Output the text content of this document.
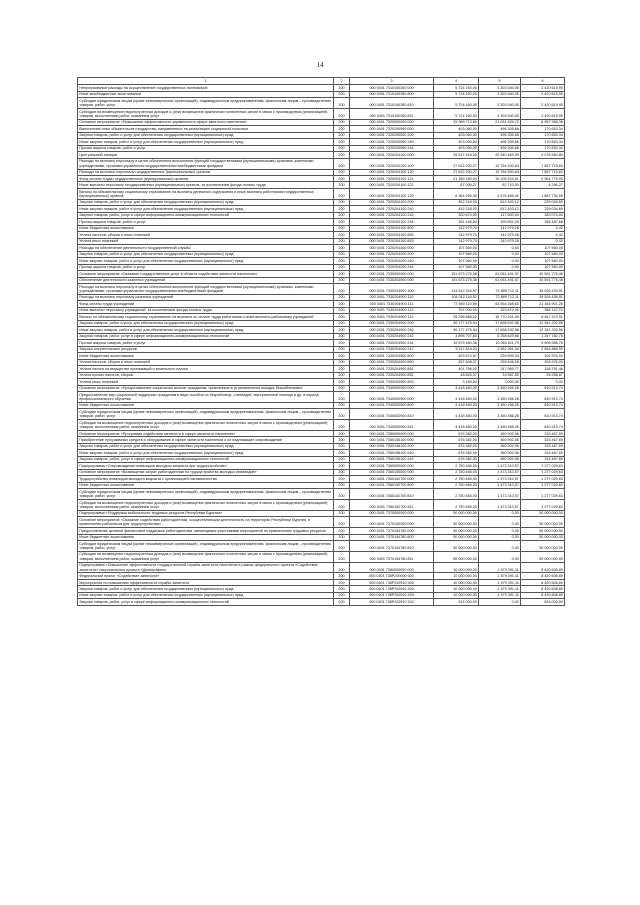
14
1	2	3	4	5	6
Непрограммные расходы на осуществление государственных полномочий	200	000 0401 7310100280 000	5 724 160,00	3 303 540,05	2 420 619,95
Иные межбюджетные ассигнования	200	000 0401 7310100280 800	5 724 160,00	3 303 540,05	2 420 619,95
Субсидии юридическим лицам (кроме некоммерческих организаций), индивидуальным предпринимателям, физическим лицам – производителям товаров, работ, услуг	200	000 0401 7310100280 810	5 724 160,00	3 303 540,05	2 420 619,95
Субсидии на возмещение недополученных доходов и (или) возмещение фактически понесенных затрат в связи с производством (реализацией) товаров, выполнением работ, оказанием услуг	200	000 0401 7310100280 811	5 724 160,00	3 303 540,05	2 420 619,95
Основное мероприятие «Повышение эффективности управления в сфере занятости населения»	200	000 0401 7320000000 000	29 989 713,80	21 031 629,72	8 957 958,38
Выполнение иных обязательств государства, направленных на реализацию социальной политики	200	000 0401 7320200590 000	403 060,00	496 305,66	170 653,34
Закупка товаров, работ и услуг для обеспечения государственных (муниципальных) нужд	200	000 0401 7320200590 200	403 060,00	496 305,66	170 653,34
Иные закупки товаров, работ и услуг для обеспечения государственных (муниципальных) нужд	200	000 0401 7320200590 240	403 060,00	496 305,66	170 653,34
Прочая закупка товаров, работ и услуг	200	000 0401 7320200590 244	403 060,00	496 305,66	170 653,34
Центральный аппарат	200	000 0401 7320204100 000	29 517 418,00	20 340 463,99	9 076 954,84
Расходы на выплаты персоналу в целях обеспечения выполнения функций государственными (муниципальными) органами, казенными учреждениями, органами управления государственными внебюджетными фондами	200	000 0401 7320204100 100	27 622 200,27	19 764 500,64	7 857 719,63
Расходы на выплаты персоналу государственных (муниципальных) органов	200	000 0401 7320204100 120	27 622 200,27	19 764 500,64	7 857 719,63
Фонд оплаты труда государственных (муниципальных) органов	200	000 0401 7320204100 121	21 169 183,00	15 205 324,91	5 964 775,93
Иные выплаты персоналу государственных (муниципальных) органов, за исключением фонда оплаты труда	200	000 0401 7320204100 122	87 006,27	82 710,00	4 296,27
Взносы по обязательному социальному страхованию на выплаты денежного содержания и иные выплаты работникам государственных (муниципальных) органов	200	000 0401 7320204100 129	6 364 265,40	4 476 465,41	1 887 734,59
Закупка товаров, работ и услуг для обеспечения государственных (муниципальных) нужд	200	000 0401 7320204100 200	452 218,03	612 403,12	239 034,60
Иные закупки товаров, работ и услуг для обеспечения государственных (муниципальных) нужд	200	000 0401 7320204100 240	452 218,03	612 403,12	239 034,60
Закупка товаров, работ, услуг в сфере информационно-коммуникационных технологий	200	000 0401 7320204100 242	300 674,00	117 600,00	183 074,00
Прочая закупка товаров, работ и услуг	200	000 0401 7320204100 244	351 445,00	195 802,25	155 487,68
Иные бюджетные ассигнования	200	000 0401 7320204100 800	142 979,70	142 979,28	0,42
Уплата налогов, сборов и иных платежей	200	000 0401 7320204100 850	142 979,70	142 979,28	0,42
Уплата иных платежей	200	000 0401 7320204100 853	142 979,70	142 979,28	0,42
Расходы на обеспечение деятельности государственной службы	200	000 0401 7320204200 000	107 560,00	0,00	107 560,00
Закупка товаров, работ и услуг для обеспечения государственных (муниципальных) нужд	200	000 0401 7320204200 200	107 560,00	0,00	107 560,00
Иные закупки товаров, работ и услуг для обеспечения государственных (муниципальных) нужд	200	000 0401 7320204200 240	107 560,00	0,00	107 560,00
Прочая закупка товаров, работ и услуг	200	000 0401 7320204200 244	107 560,00	0,00	107 560,00
Основное мероприятие «Оказание государственных услуг в области содействия занятости населения»	200	000 0401 7330000000 000	151 673 275,38	61 051 491,57	40 591 776,46
Обеспечение деятельности казенных учреждений	200	000 0401 7330204900 000	151 673 275,38	61 051 491,57	40 591 776,46
Расходы на выплаты персоналу в целях обеспечения выполнения функций государственными (муниципальными) органами, казенными учреждениями, органами управления государственными внебюджетными фондами	200	000 0401 7330204900 100	124 512 316,97	72 889 712,11	38 026 439,91
Расходы на выплаты персоналу казенных учреждений	200	000 0401 7330204900 110	104 012 116,52	72 889 712,11	28 526 436,91
Фонд оплаты труда учреждений	200	000 0401 7330204900 111	77 850 110,69	63 554 268,63	21 164 901,28
Иные выплаты персоналу учреждений, за исключением фонда оплаты труда	200	000 0401 7330204900 112	707 000,00	323 872,26	384 127,70
Взносы по обязательному социальному страхованию на выплаты по оплате труда работников и иные выплаты работникам учреждений	200	000 0401 7330204900 119	25 296 888,32	16 770 431,05	6 467 372,91
Закупка товаров, работ и услуг для обеспечения государственных (муниципальных) нужд	200	000 0401 7330204900 200	30 177 475,94	17 698 532,98	12 341 202,56
Иные закупки товаров, работ и услуг для обеспечения государственных (муниципальных) нужд	200	000 0401 7330204900 240	30 177 475,94	17 698 532,98	12 341 202,56
Закупка товаров, работ, услуг в сфере информационно-коммуникационных технологий	200	000 0401 7330204900 242	4 896 707,80	5 258 829,66	1 247 782,76
Прочая закупка товаров, работ и услуг	200	000 0401 7330204900 244	19 579 460,36	10 064 511,70	9 506 958,76
Закупка энергетических ресурсов	200	000 0401 7330204900 247	5 117 818,33	2 552 951,34	2 564 866,99
Иные бюджетные ассигнования	200	000 0401 7330204900 800	403 674,67	239 699,34	204 976,03
Уплата налогов, сборов и иных платежей	200	000 0401 7330204900 850	457 608,37	259 408,18	204 976,03
Уплата налога на имущество организаций и земельного налога	200	000 0401 7330204900 851	401 756,00	247 969,77	158 751,46
Уплата прочих налогов, сборов	200	000 0401 7330204900 852	48 825,37	33 567,50	25 258,87
Уплата иных платежей	200	000 0401 7330204900 853	3 169,00	3 000,00	0,00
Основное мероприятие «Предоставление социальных выплат гражданам, признанным в установленном порядке безработными»	200	000 0401 7340000000 000	4 418 460,00	3 450 456,26	810 913,74
Предоставление мер социальной поддержки гражданам в виде пособия по безработице, стипендий, материальной помощи и др. в период профессионального обучения	200	000 0401 7340052900 000	4 418 460,00	3 450 456,26	810 913,74
Иные бюджетные ассигнования	200	000 0401 7340052900 800	4 418 460,00	3 450 456,26	810 913,74
Субсидии юридическим лицам (кроме некоммерческих организаций), индивидуальным предпринимателям, физическим лицам – производителям товаров, работ, услуг	200	000 0401 7340052900 810	4 418 460,00	3 450 456,26	810 913,74
Субсидии на возмещение недополученных доходов и (или) возмещение фактически понесенных затрат в связи с производством (реализацией) товаров, выполнением работ, оказанием услуг	200	000 0401 7340052900 811	4 418 460,00	3 450 456,26	810 913,74
Основное мероприятие «Программа содействия занятости в сфере занятости населения»	200	000 0401 7350000000 000	676 382,00	360 902,06	315 467,69
Приобретение программных средств и оборудования в сфере занятости населения и их надлежащее сопровождение	200	000 0401 7350156100 000	676 382,00	360 902,06	315 467,69
Закупка товаров, работ и услуг для обеспечения государственных (муниципальных) нужд	200	000 0401 7350156100 200	676 382,00	360 902,06	315 467,69
Иные закупки товаров, работ и услуг для обеспечения государственных (муниципальных) нужд	200	000 0401 7350156100 240	676 382,00	360 902,06	315 467,69
Закупка товаров, работ, услуг в сфере информационно-коммуникационных технологий	200	000 0401 7350156100 242	676 382,00	360 902,06	315 467,69
Подпрограмма «Сопровождение инвалидов молодого возраста при трудоустройстве»	200	000 0401 7360000000 000	2 750 465,00	1 473 310,57	1 277 029,63
Основное мероприятие «Возмещение затрат работодателям на трудоустройство молодых инвалидов»	200	000 0401 7360100000 000	2 750 465,00	1 473 310,57	1 277 029,63
Трудоустройство инвалидов молодого возраста с организацией наставничества	200	000 0401 7360152700 000	2 750 465,00	1 473 310,57	1 277 029,63
Иные бюджетные ассигнования	200	000 0401 7360152700 800	2 750 465,00	1 473 310,57	1 277 029,63
Субсидии юридическим лицам (кроме некоммерческих организаций), индивидуальным предпринимателям, физическим лицам – производителям товаров, работ, услуг	200	000 0401 7360152700 810	2 750 465,00	1 473 310,57	1 277 029,63
Субсидии на возмещение недополученных доходов и (или) возмещение фактически понесенных затрат в связи с производством (реализацией) товаров, выполнением работ, оказанием услуг	200	000 0401 7360152700 811	2 750 465,00	1 473 310,57	1 277 029,63
Подпрограмма «Поддержка мобильности трудовых ресурсов Республики Бурятия»	200	000 0401 7370000000 000	50 000 000,00	0,00	50 000 000,00
Основное мероприятие «Оказание содействия работодателям, осуществляющим деятельность на территории Республики Бурятия, в привлечении работников для трудоустройства»	200	000 0401 7370100000 000	50 000 000,00	0,00	50 000 000,00
Предоставление целевой финансовой поддержки работодателям, являющимся участниками мероприятий по привлечению трудовых ресурсов	200	000 0401 7370154780 000	50 000 000,00	0,00	50 000 000,00
Иные бюджетные ассигнования	200	000 0401 7370154780 800	50 000 000,00	0,00	50 000 000,00
Субсидии юридическим лицам (кроме некоммерческих организаций), индивидуальным предпринимателям, физическим лицам – производителям товаров, работ, услуг	200	000 0401 7370154780 810	50 000 000,00	0,00	50 000 000,00
Субсидии на возмещение недополученных доходов и (или) возмещение фактически понесенных затрат в связи с производством (реализацией) товаров, выполнением работ, оказанием услуг	200	000 0401 7370154780 811	50 000 000,00	0,00	50 000 000,00
Подпрограмма «Повышение эффективности государственной службы занятости населения в рамках федерального проекта «Содействие занятости» национального проекта «Демография»	200	000 0401 7380000000 000	10 000 000,00	1 579 391,11	8 420 608,89
Федеральный проект «Содействие занятости»	200	000 0401 738P200000 000	10 000 000,00	1 579 391,11	8 420 608,89
Мероприятия по повышению эффективности службы занятости	200	000 0401 738P252910 000	10 000 000,00	1 579 391,11	8 420 608,89
Закупка товаров, работ и услуг для обеспечения государственных (муниципальных) нужд	200	000 0401 738P252910 200	10 000 000,00	1 579 391,11	8 420 608,89
Иные закупки товаров, работ и услуг для обеспечения государственных (муниципальных) нужд	200	000 0401 738P252910 240	10 000 000,00	1 579 391,11	8 420 608,89
Закупка товаров, работ, услуг в сфере информационно-коммуникационных технологий	200	000 0401 738P252910 242	514 000,00	0,00	514 000,00
